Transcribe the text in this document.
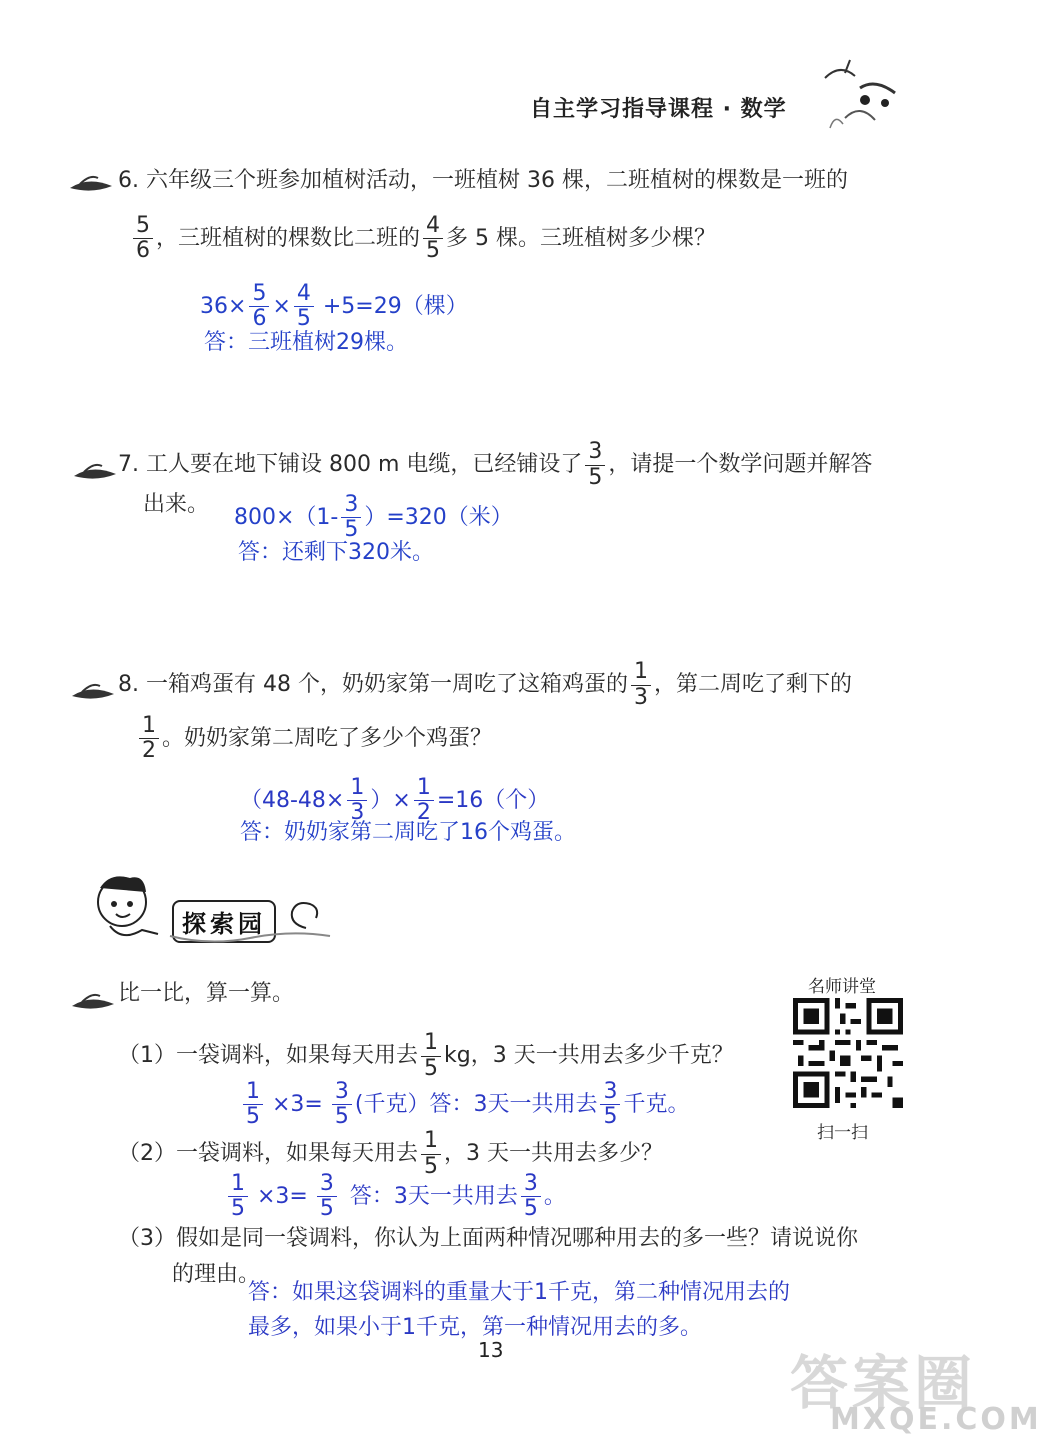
自主学习指导课程 · 数学
6. 六年级三个班参加植树活动，一班植树 36 棵，二班植树的棵数是一班的
$\frac{5}{6}$ ，三班植树的棵数比二班的 $\frac{4}{5}$ 多 5 棵。三班植树多少棵？
$36\times \frac{5}{6} \times \frac{4}{5} +5=29$（棵）
答：三班植树29棵。
7. 工人要在地下铺设 800 m 电缆，已经铺设了 $\frac{3}{5}$ ，请提一个数学问题并解答
出来。
$800\times(1- \frac{3}{5} )=320$（米）
答：还剩下320米。
8. 一箱鸡蛋有 48 个，奶奶家第一周吃了这箱鸡蛋的 $\frac{1}{3}$ ，第二周吃了剩下的
$\frac{1}{2}$ 。奶奶家第二周吃了多少个鸡蛋？
（$48-48\times \frac{1}{3}$ ）× $\frac{1}{2} =16$（个）
答：奶奶家第二周吃了16个鸡蛋。
探索园
比一比，算一算。	名师讲堂
扫一扫
（1）一袋调料，如果每天用去 $\frac{1}{5}$ kg，3 天一共用去多少千克？
$\frac{1}{5} \times 3= \frac{3}{5}$ (千克）答：3天一共用去 $\frac{3}{5}$ 千克。
（2）一袋调料，如果每天用去 $\frac{1}{5}$ ，3 天一共用去多少？
$\frac{1}{5} \times 3= \frac{3}{5}$ 答：3天一共用去 $\frac{3}{5}$ 。
（3）假如是同一袋调料，你认为上面两种情况哪种用去的多一些？请说说你
的理由。
答：如果这袋调料的重量大于1千克，第二种情况用去的
最多，如果小于1千克，第一种情况用去的多。
13	答案圈
MXQE.COM
